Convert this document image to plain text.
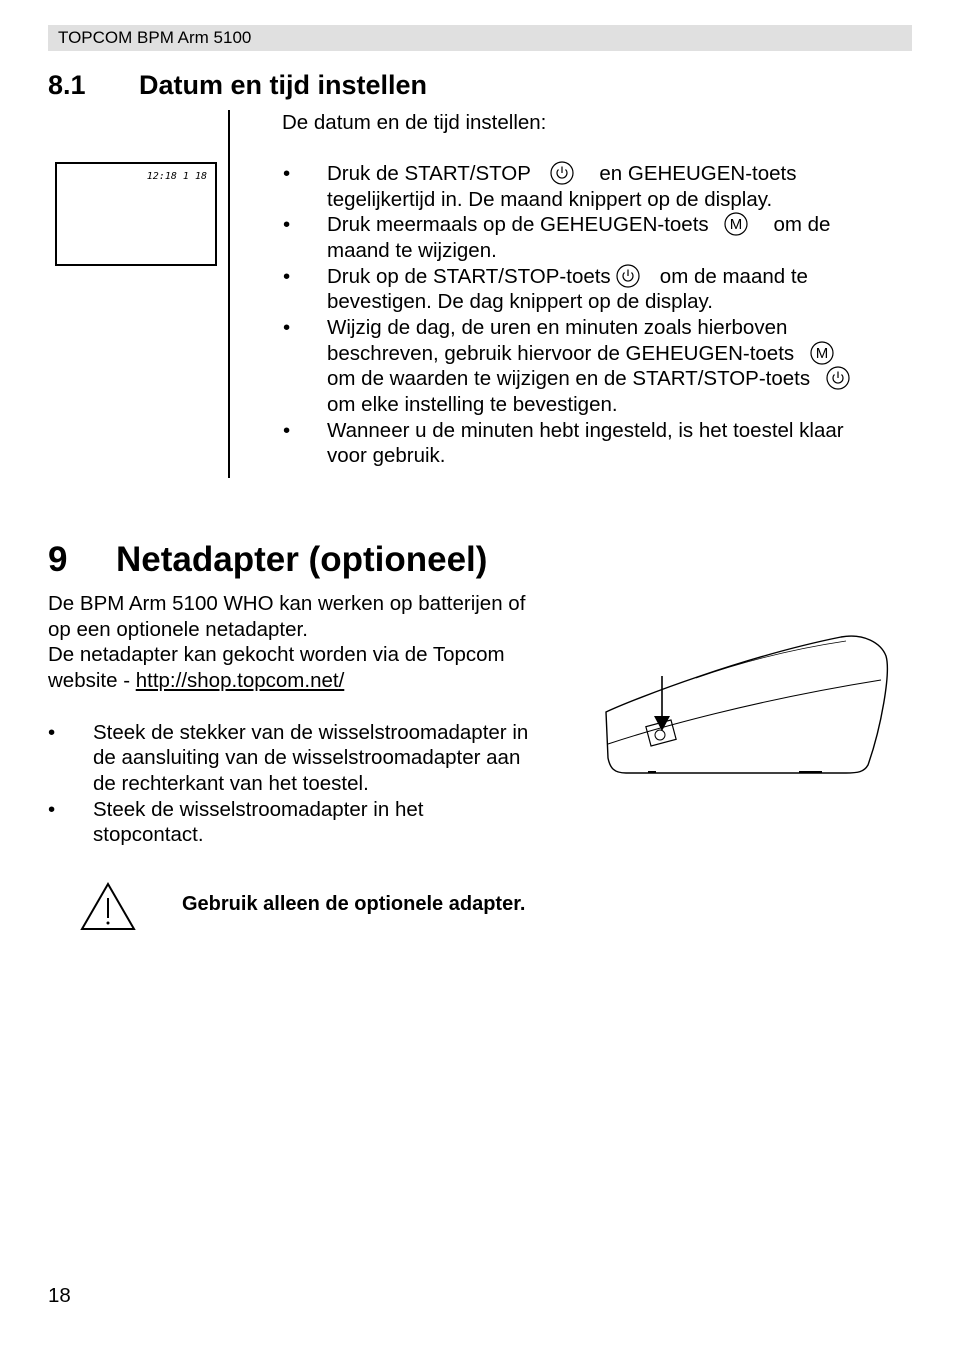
TOPCOM BPM Arm 5100
8.1 Datum en tijd instellen
12:18 1 18
De datum en de tijd instellen:
• Druk de START/STOP	en GEHEUGEN-toets
tegelijkertijd in. De maand knippert op de display.
• Druk meermaals op de GEHEUGEN-toets M om de
maand te wijzigen.
• Druk op de START/STOP-toets om de maand te
bevestigen. De dag knippert op de display.
• Wijzig de dag, de uren en minuten zoals hierboven
beschreven, gebruik hiervoor de GEHEUGEN-toets M
om de waarden te wijzigen en de START/STOP-toets
om elke instelling te bevestigen.
• Wanneer u de minuten hebt ingesteld, is het toestel klaar
voor gebruik.
9 Netadapter (optioneel)
De BPM Arm 5100 WHO kan werken op batterijen of
op een optionele netadapter.
De netadapter kan gekocht worden via de Topcom
website - http://shop.topcom.net/
• Steek de stekker van de wisselstroomadapter in
de aansluiting van de wisselstroomadapter aan
de rechterkant van het toestel.
• Steek de wisselstroomadapter in het
stopcontact.
Gebruik alleen de optionele adapter.
18
